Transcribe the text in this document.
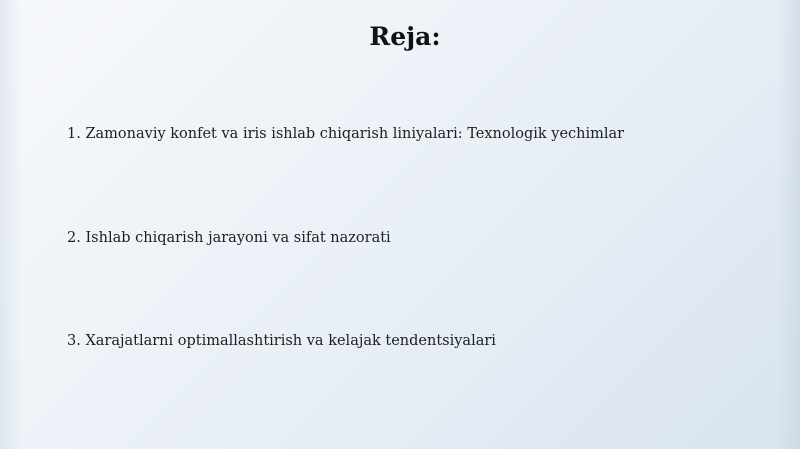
Reja:
1. Zamonaviy konfet va iris ishlab chiqarish liniyalari: Texnologik yechimlar
2. Ishlab chiqarish jarayoni va sifat nazorati
3. Xarajatlarni optimallashtirish va kelajak tendentsiyalari
